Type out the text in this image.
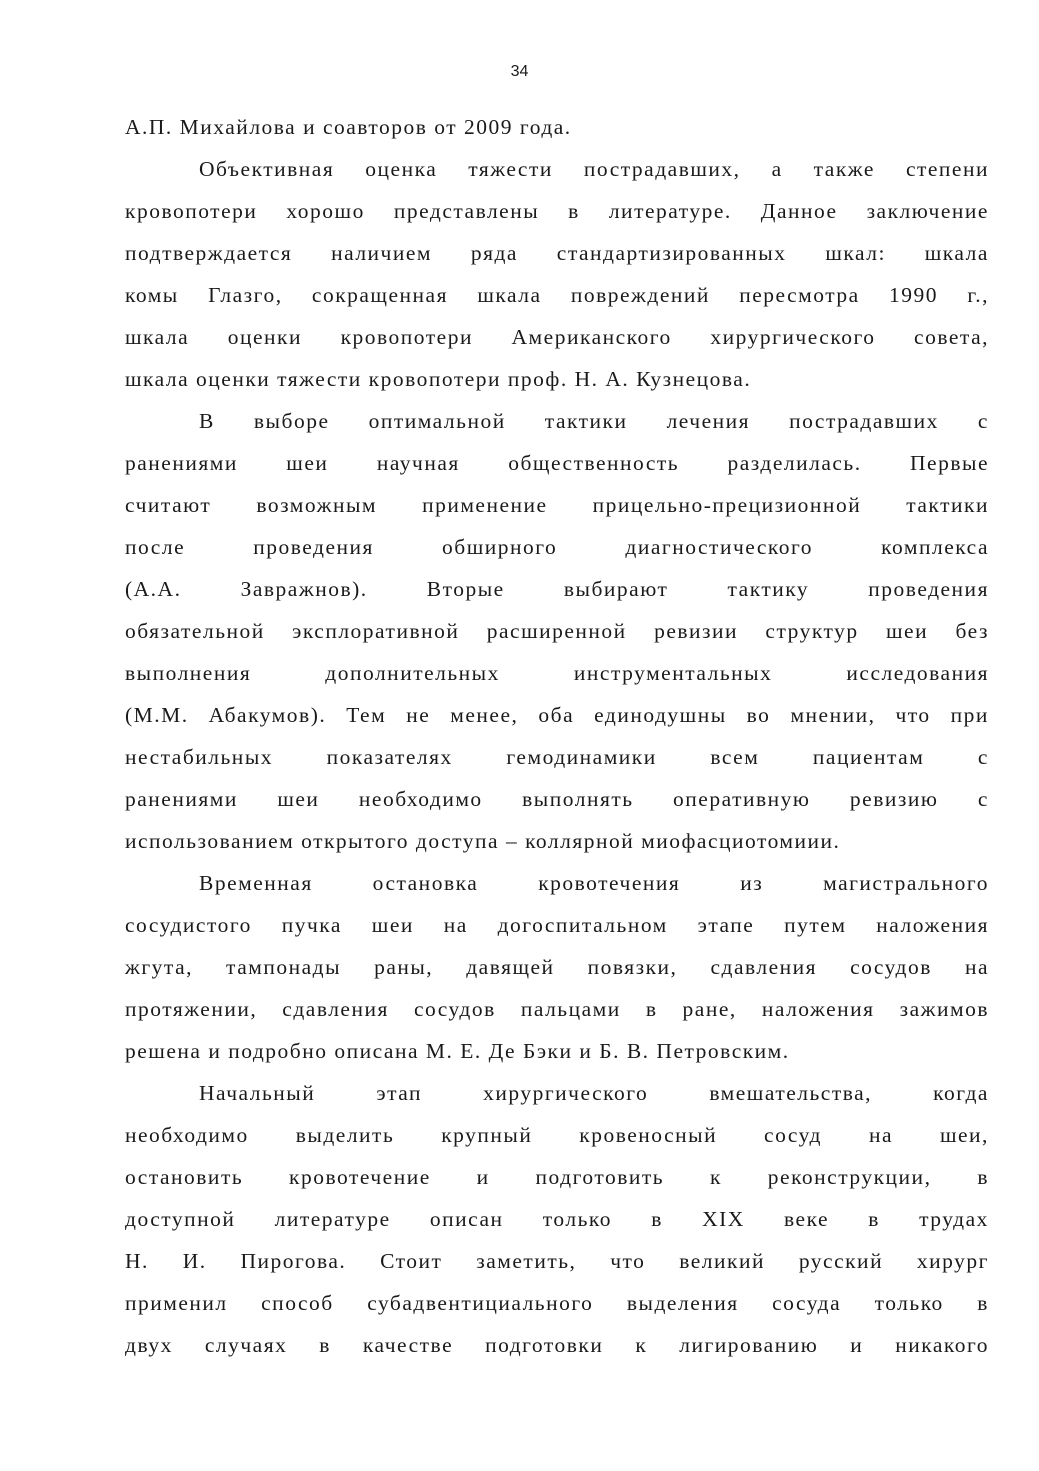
34
А.П. Михайлова и соавторов от 2009 года.
Объективная оценка тяжести пострадавших, а также степени
кровопотери хорошо представлены в литературе. Данное заключение
подтверждается наличием ряда стандартизированных шкал: шкала
комы Глазго, сокращенная шкала повреждений пересмотра 1990 г.,
шкала оценки кровопотери Американского хирургического совета,
шкала оценки тяжести кровопотери проф. Н. А. Кузнецова.
В выборе оптимальной тактики лечения пострадавших с
ранениями шеи научная общественность разделилась. Первые
считают возможным применение прицельно-прецизионной тактики
после	проведения	обширного	диагностического	комплекса
(А.А.	Завражнов).	Вторые	выбирают	тактику	проведения
обязательной эксплоративной расширенной ревизии структур шеи без
выполнения	дополнительных	инструментальных	исследования
(М.М. Абакумов). Тем не менее, оба единодушны во мнении, что при
нестабильных показателях гемодинамики всем пациентам с
ранениями шеи необходимо выполнять оперативную ревизию с
использованием открытого доступа – коллярной миофасциотомиии.
Временная	остановка	кровотечения	из	магистрального
сосудистого пучка шеи на догоспитальном этапе путем наложения
жгута, тампонады раны, давящей повязки, сдавления сосудов на
протяжении, сдавления сосудов пальцами в ране, наложения зажимов
решена и подробно описана М. Е. Де Бэки и Б. В. Петровским.
Начальный	этап	хирургического	вмешательства,	когда
необходимо выделить крупный кровеносный сосуд на шеи,
остановить кровотечение и подготовить к реконструкции, в
доступной литературе описан только в XIX веке в трудах
Н. И. Пирогова. Стоит заметить, что великий русский хирург
применил способ субадвентициального выделения сосуда только в
двух случаях в качестве подготовки к лигированию и никакого
